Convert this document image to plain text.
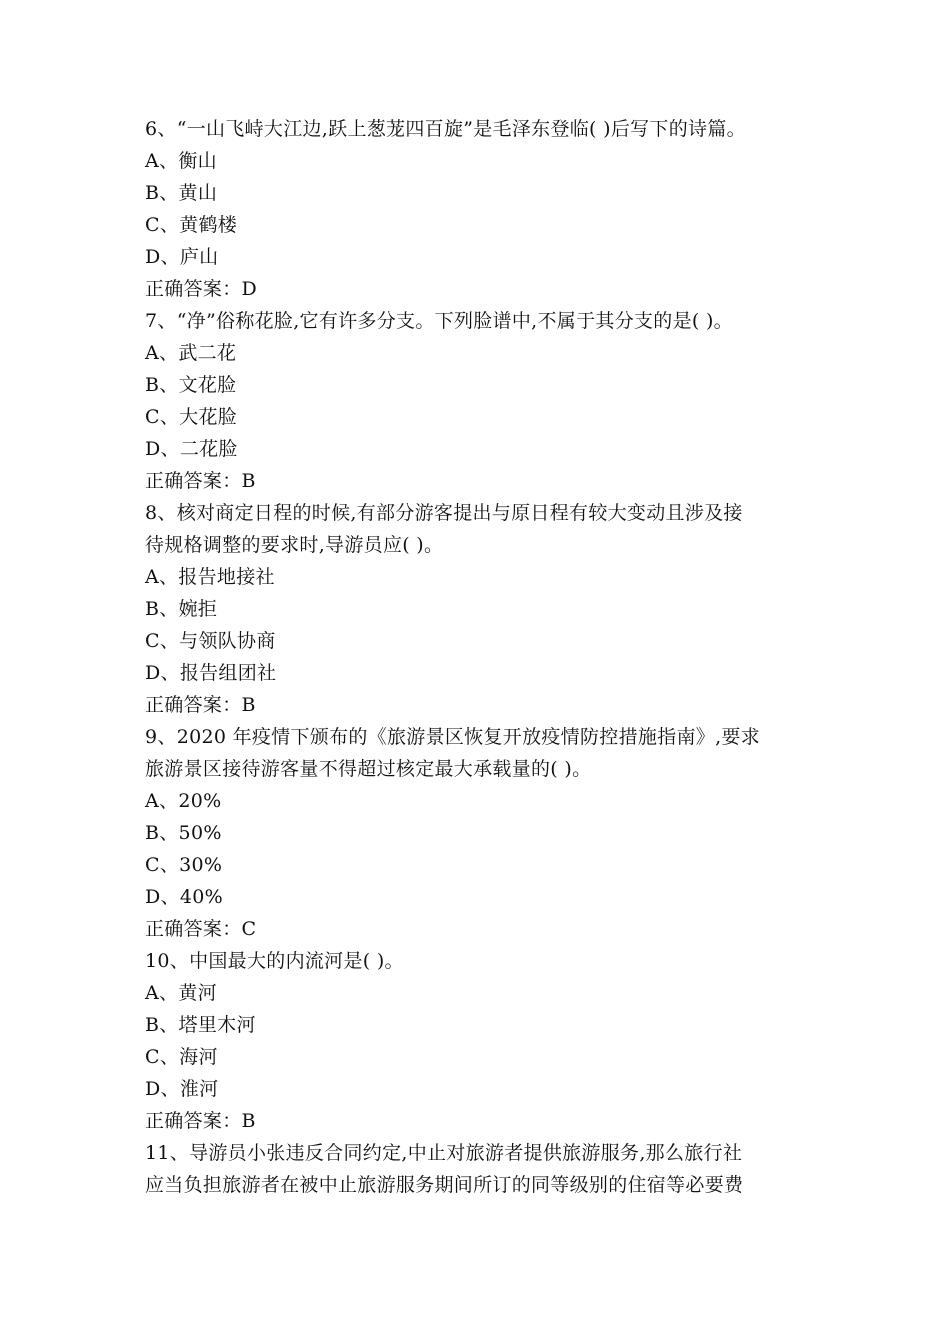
6、“一山飞峙大江边,跃上葱茏四百旋”是毛泽东登临( )后写下的诗篇。
A、衡山
B、黄山
C、黄鹤楼
D、庐山
正确答案：D
7、“净”俗称花脸,它有许多分支。下列脸谱中,不属于其分支的是( )。
A、武二花
B、文花脸
C、大花脸
D、二花脸
正确答案：B
8、核对商定日程的时候,有部分游客提出与原日程有较大变动且涉及接
待规格调整的要求时,导游员应( )。
A、报告地接社
B、婉拒
C、与领队协商
D、报告组团社
正确答案：B
9、2020 年疫情下颁布的《旅游景区恢复开放疫情防控措施指南》,要求
旅游景区接待游客量不得超过核定最大承载量的( )。
A、20%
B、50%
C、30%
D、40%
正确答案：C
10、中国最大的内流河是( )。
A、黄河
B、塔里木河
C、海河
D、淮河
正确答案：B
11、导游员小张违反合同约定,中止对旅游者提供旅游服务,那么旅行社
应当负担旅游者在被中止旅游服务期间所订的同等级别的住宿等必要费
